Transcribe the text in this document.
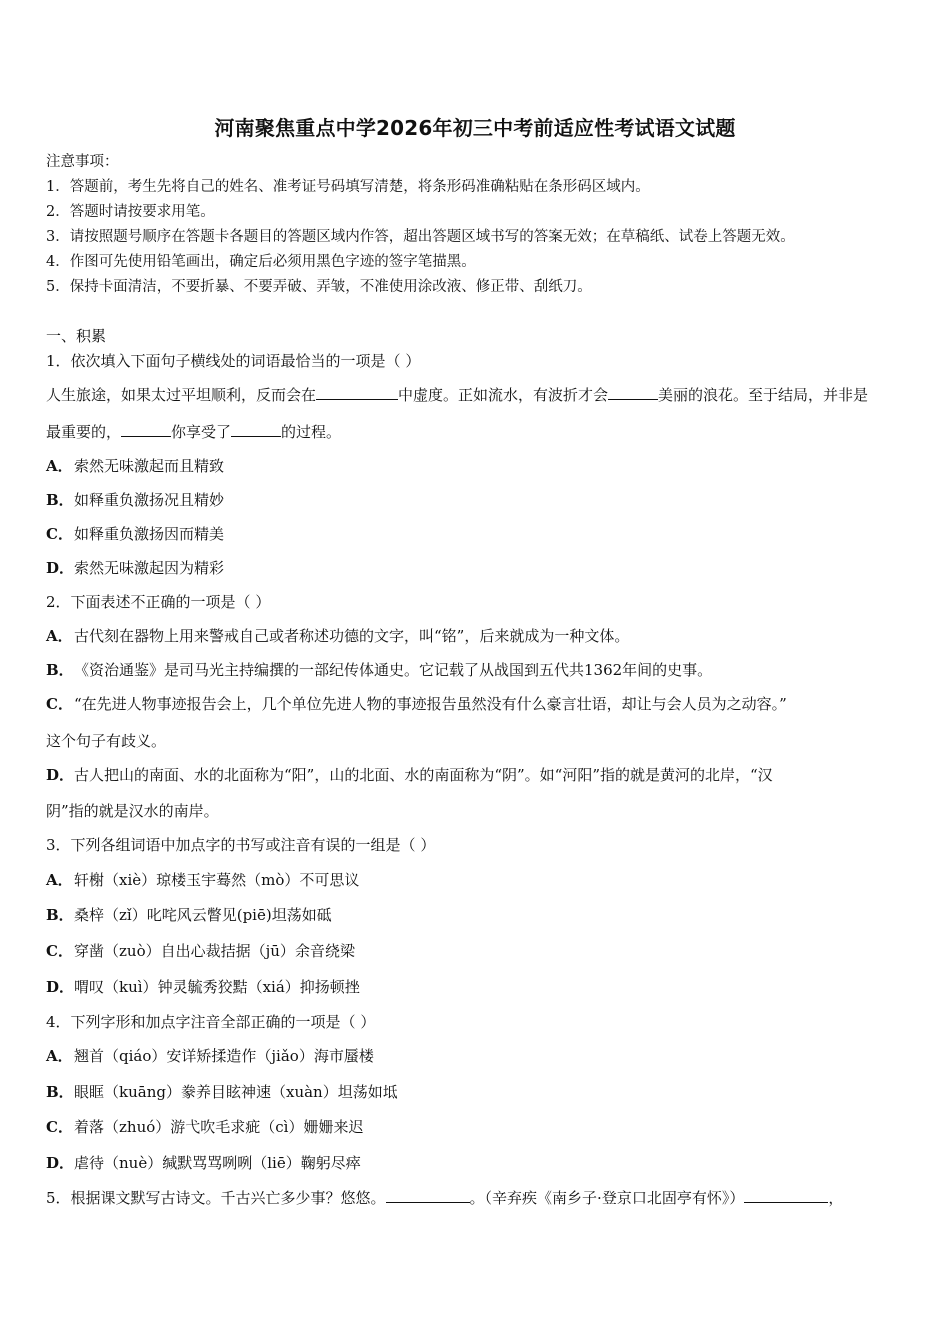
河南聚焦重点中学2026年初三中考前适应性考试语文试题
注意事项：
1．答题前，考生先将自己的姓名、准考证号码填写清楚，将条形码准确粘贴在条形码区域内。
2．答题时请按要求用笔。
3．请按照题号顺序在答题卡各题目的答题区域内作答，超出答题区域书写的答案无效；在草稿纸、试卷上答题无效。
4．作图可先使用铅笔画出，确定后必须用黑色字迹的签字笔描黑。
5．保持卡面清洁，不要折暴、不要弄破、弄皱，不准使用涂改液、修正带、刮纸刀。
一、积累
1．依次填入下面句子横线处的词语最恰当的一项是（ ）
人生旅途，如果太过平坦顺利，反而会在	中虚度。正如流水，有波折才会	美丽的浪花。至于结局，并非是
最重要的，	你享受了	的过程。
A．索然无味激起而且精致
B．如释重负激扬况且精妙
C．如释重负激扬因而精美
D．索然无味激起因为精彩
2．下面表述不正确的一项是（ ）
A．古代刻在器物上用来警戒自己或者称述功德的文字，叫“铭”，后来就成为一种文体。
B．《资治通鉴》是司马光主持编撰的一部纪传体通史。它记载了从战国到五代共1362年间的史事。
C．“在先进人物事迹报告会上，几个单位先进人物的事迹报告虽然没有什么豪言壮语，却让与会人员为之动容。”
这个句子有歧义。
D．古人把山的南面、水的北面称为“阳”，山的北面、水的南面称为“阴”。如“河阳”指的就是黄河的北岸，“汉
阴”指的就是汉水的南岸。
3．下列各组词语中加点字的书写或注音有误的一组是（ ）
A．轩榭（xiè）琼楼玉宇蓦然（mò）不可思议
B．桑梓（zǐ）叱咤风云瞥见(piē)坦荡如砥
C．穿凿（zuò）自出心裁拮据（jū）余音绕梁
D．喟叹（kuì）钟灵毓秀狡黠（xiá）抑扬顿挫
4．下列字形和加点字注音全部正确的一项是（ ）
A．翘首（qiáo）安详矫揉造作（jiǎo）海市蜃楼
B．眼眶（kuāng）豢养目眩神速（xuàn）坦荡如坻
C．着落（zhuó）游弋吹毛求疵（cì）姗姗来迟
D．虐待（nuè）缄默骂骂咧咧（liē）鞠躬尽瘁
5．根据课文默写古诗文。千古兴亡多少事？悠悠。	。（辛弃疾《南乡子·登京口北固亭有怀》）	，
